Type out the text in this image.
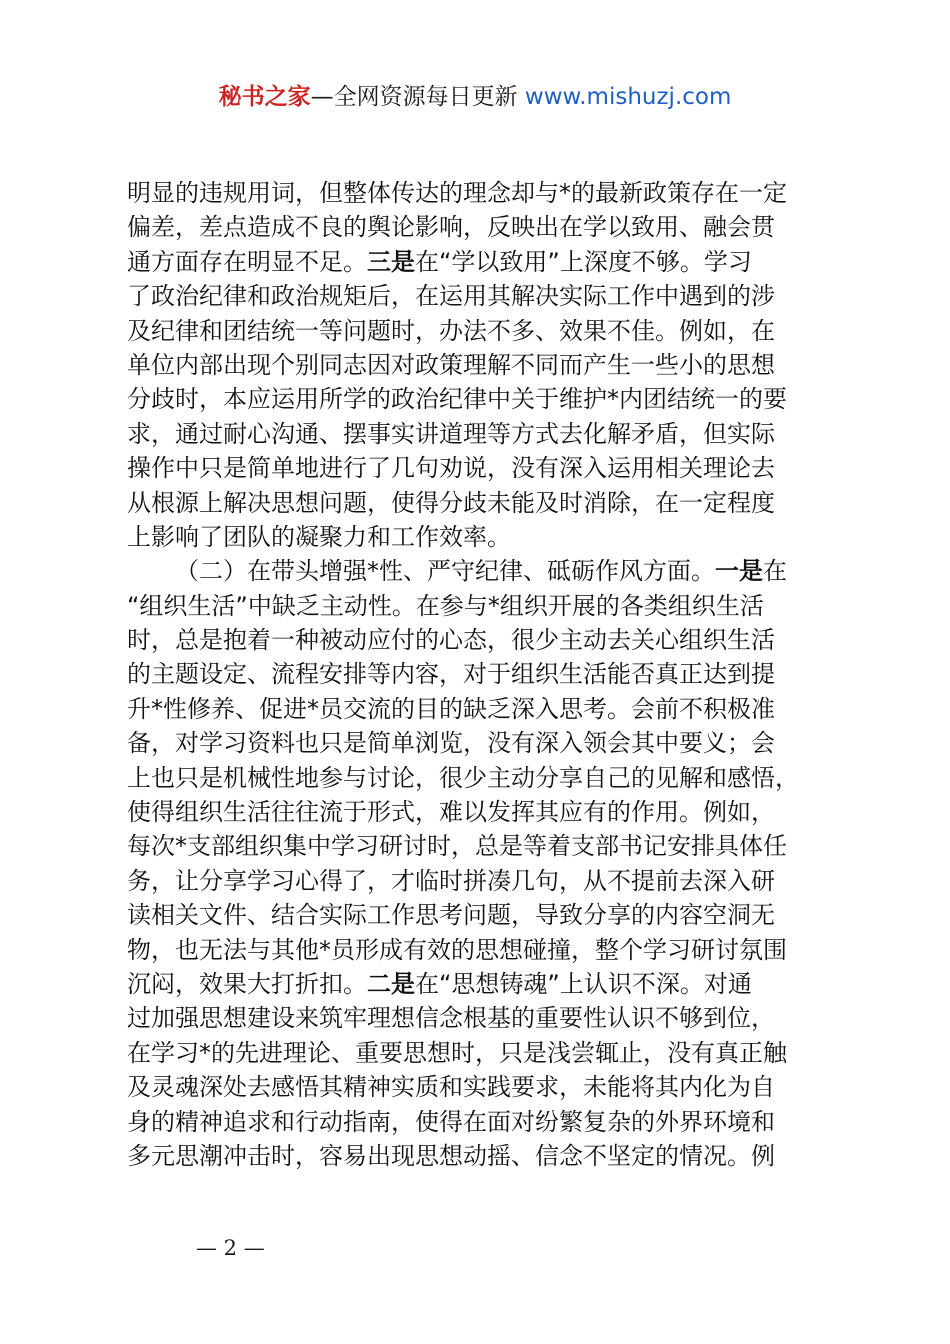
秘书之家—全网资源每日更新 www.mishuzj.com
明显的违规用词，但整体传达的理念却与*的最新政策存在一定
偏差，差点造成不良的舆论影响，反映出在学以致用、融会贯
通方面存在明显不足。三是在“学以致用”上深度不够。学习
了政治纪律和政治规矩后，在运用其解决实际工作中遇到的涉
及纪律和团结统一等问题时，办法不多、效果不佳。例如，在
单位内部出现个别同志因对政策理解不同而产生一些小的思想
分歧时，本应运用所学的政治纪律中关于维护*内团结统一的要
求，通过耐心沟通、摆事实讲道理等方式去化解矛盾，但实际
操作中只是简单地进行了几句劝说，没有深入运用相关理论去
从根源上解决思想问题，使得分歧未能及时消除，在一定程度
上影响了团队的凝聚力和工作效率。
（二）在带头增强*性、严守纪律、砥砺作风方面。一是在
“组织生活”中缺乏主动性。在参与*组织开展的各类组织生活
时，总是抱着一种被动应付的心态，很少主动去关心组织生活
的主题设定、流程安排等内容，对于组织生活能否真正达到提
升*性修养、促进*员交流的目的缺乏深入思考。会前不积极准
备，对学习资料也只是简单浏览，没有深入领会其中要义；会
上也只是机械性地参与讨论，很少主动分享自己的见解和感悟，
使得组织生活往往流于形式，难以发挥其应有的作用。例如，
每次*支部组织集中学习研讨时，总是等着支部书记安排具体任
务，让分享学习心得了，才临时拼凑几句，从不提前去深入研
读相关文件、结合实际工作思考问题，导致分享的内容空洞无
物，也无法与其他*员形成有效的思想碰撞，整个学习研讨氛围
沉闷，效果大打折扣。二是在“思想铸魂”上认识不深。对通
过加强思想建设来筑牢理想信念根基的重要性认识不够到位，
在学习*的先进理论、重要思想时，只是浅尝辄止，没有真正触
及灵魂深处去感悟其精神实质和实践要求，未能将其内化为自
身的精神追求和行动指南，使得在面对纷繁复杂的外界环境和
多元思潮冲击时，容易出现思想动摇、信念不坚定的情况。例
— 2 —
